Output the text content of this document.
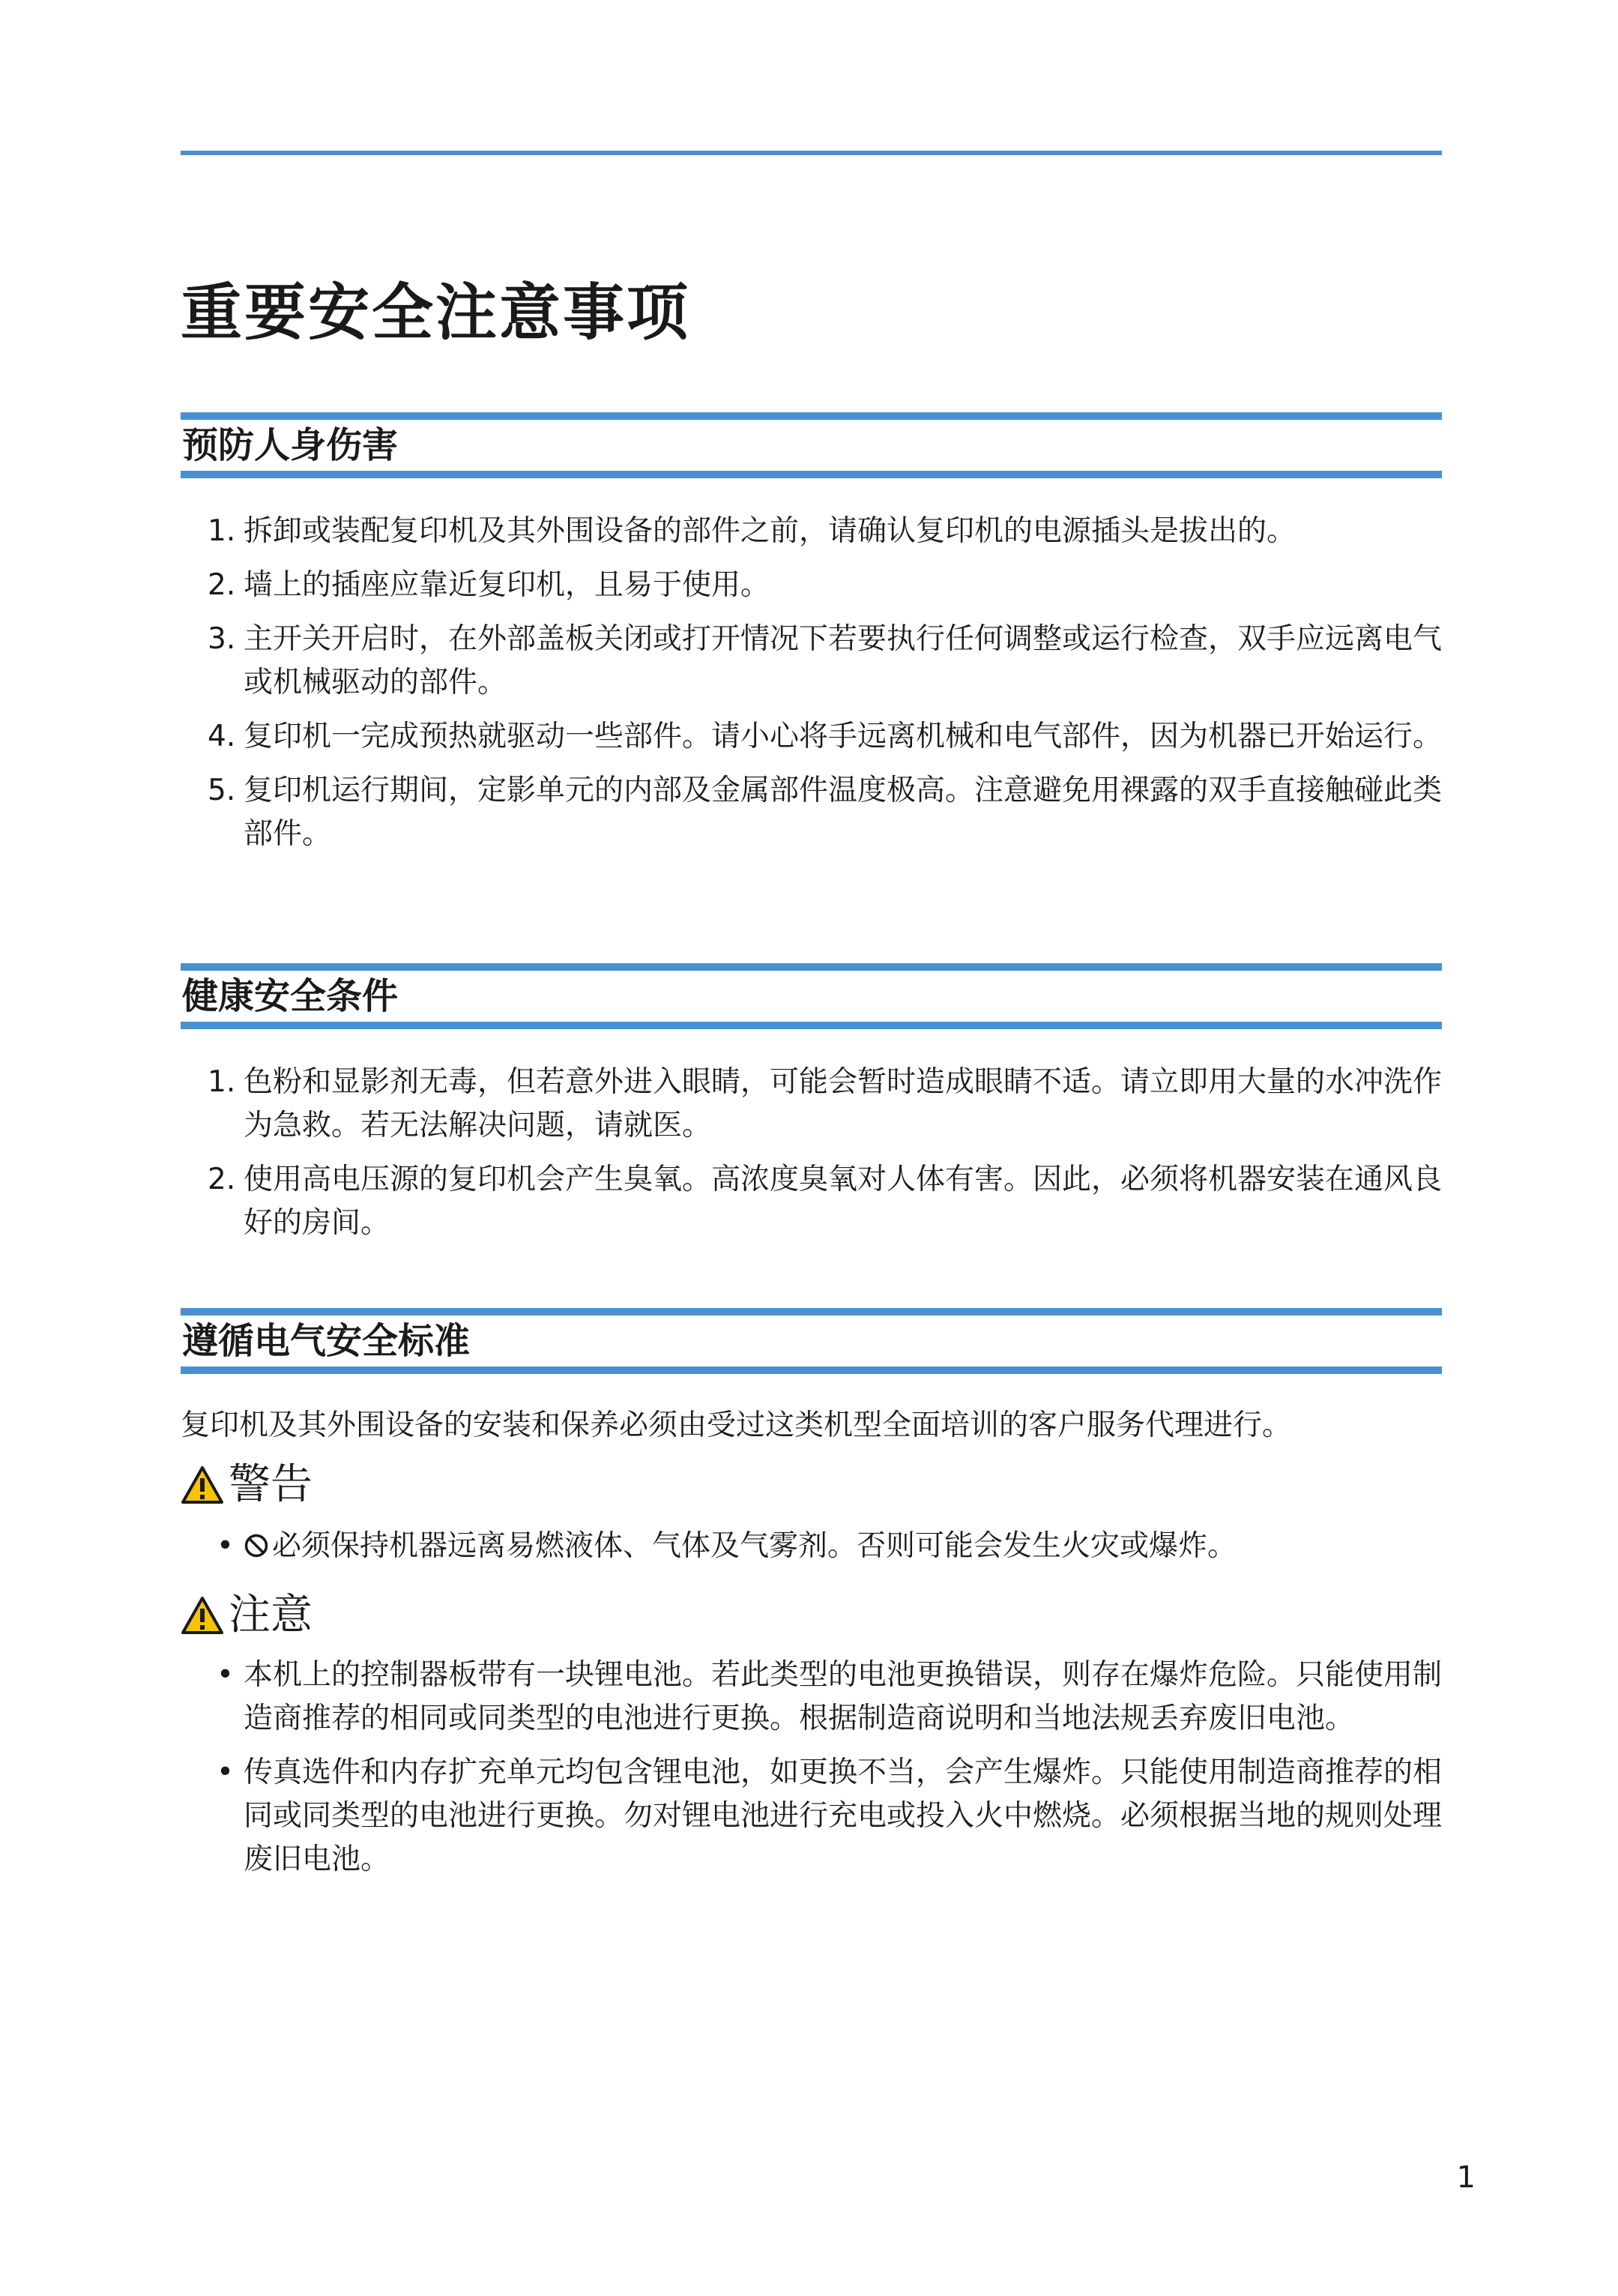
重要安全注意事项
预防人身伤害
1. 拆卸或装配复印机及其外围设备的部件之前，请确认复印机的电源插头是拔出的。
2. 墙上的插座应靠近复印机，且易于使用。
3. 主开关开启时，在外部盖板关闭或打开情况下若要执行任何调整或运行检查，双手应远离电气或机械驱动的部件。
4. 复印机一完成预热就驱动一些部件。请小心将手远离机械和电气部件，因为机器已开始运行。
5. 复印机运行期间，定影单元的内部及金属部件温度极高。注意避免用裸露的双手直接触碰此类部件。
健康安全条件
1. 色粉和显影剂无毒，但若意外进入眼睛，可能会暂时造成眼睛不适。请立即用大量的水冲洗作为急救。若无法解决问题，请就医。
2. 使用高电压源的复印机会产生臭氧。高浓度臭氧对人体有害。因此，必须将机器安装在通风良好的房间。
遵循电气安全标准

复印机及其外围设备的安装和保养必须由受过这类机型全面培训的客户服务代理进行。

警告
• 必须保持机器远离易燃液体、气体及气雾剂。否则可能会发生火灾或爆炸。
注意
• 本机上的控制器板带有一块锂电池。若此类型的电池更换错误，则存在爆炸危险。只能使用制造商推荐的相同或同类型的电池进行更换。根据制造商说明和当地法规丢弃废旧电池。
• 传真选件和内存扩充单元均包含锂电池，如更换不当，会产生爆炸。只能使用制造商推荐的相同或同类型的电池进行更换。勿对锂电池进行充电或投入火中燃烧。必须根据当地的规则处理废旧电池。
1
